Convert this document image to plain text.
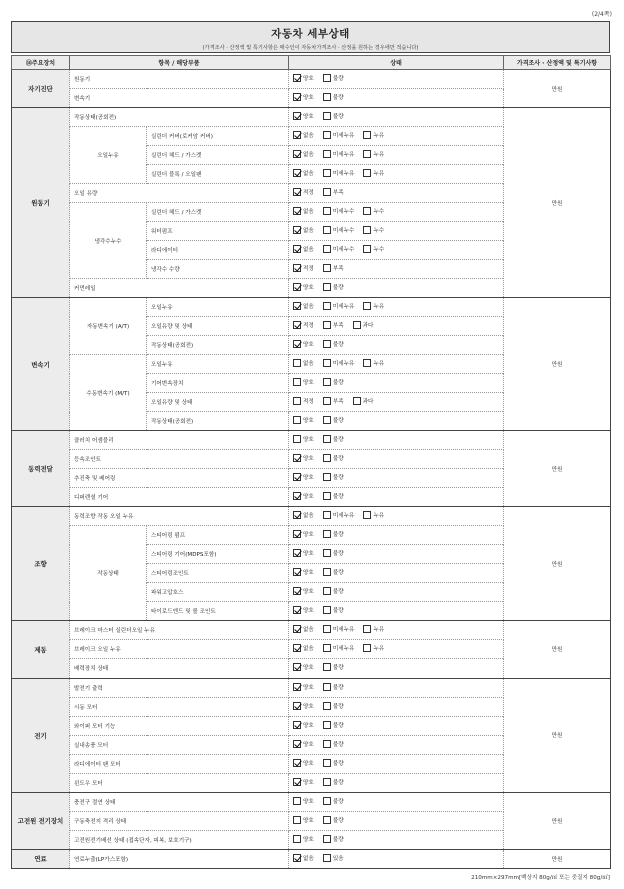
(2/4쪽)
자동차 세부상태
(가격조사 · 산정액 및 특기사항은 매수인이 자동차가격조사 · 산정을 원하는 경우에만 적습니다)
⑭주요장치	항목 / 해당부품		상태	가격조사 · 산정액 및 특기사항
자기진단	원동기		양호 불량	만원
	변속기		양호 불량	

원동기	작동상태(공회전)		양호 불량	만원
	오일누유	실린더 커버(로커암 커버)	없음 미세누유 누유	

		실린더 헤드 / 가스켓	없음 미세누유 누유	

		실린더 블록 / 오일팬	없음 미세누유 누유	

	오일 유량		적정 부족	

	냉각수누수	실린더 헤드 / 가스켓	없음 미세누수 누수	

		워터펌프	없음 미세누수 누수	

		라디에이터	없음 미세누수 누수	

		냉각수 수량	적정 부족	

	커먼레일		양호 불량	

변속기	자동변속기 (A/T)	오일누유	없음 미세누유 누유	만원
		오일유량 및 상태	적정 부족 과다	

		작동상태(공회전)	양호 불량	

	수동변속기 (M/T)	오일누유	없음 미세누유 누유	

		기어변속장치	양호 불량	

		오일유량 및 상태	적정 부족 과다	

		작동상태(공회전)	양호 불량	

동력전달	클러치 어셈블리		양호 불량	만원
	등속조인트		양호 불량	

	추진축 및 베어링		양호 불량	

	디퍼렌셜 기어		양호 불량	

조향	동력조향 작동 오일 누유		없음 미세누유 누유	만원
	작동상태	스티어링 펌프	양호 불량	

		스티어링 기어(MDPS포함)	양호 불량	

		스티어링조인트	양호 불량	

		파워고압호스	양호 불량	

		타이로드엔드 및 볼 조인트	양호 불량	

제동	브레이크 마스터 실린더오일 누유		없음 미세누유 누유	만원
	브레이크 오일 누유		없음 미세누유 누유	

	배력장치 상태		양호 불량	

전기	발전기 출력		양호 불량	만원
	시동 모터		양호 불량	

	와이퍼 모터 기능		양호 불량	

	실내송풍 모터		양호 불량	

	라디에이터 팬 모터		양호 불량	

	윈도우 모터		양호 불량	

고전원 전기장치	충전구 절연 상태		양호 불량	만원
	구동축전지 격리 상태		양호 불량	

	고전원전기배선 상태 (접속단자, 피복, 보호기구)		양호 불량	

연료	연료누출(LP가스포함)		없음 있음	만원
210mm×297mm[백상지 80g/㎡ 또는 중질지 80g/㎡]
